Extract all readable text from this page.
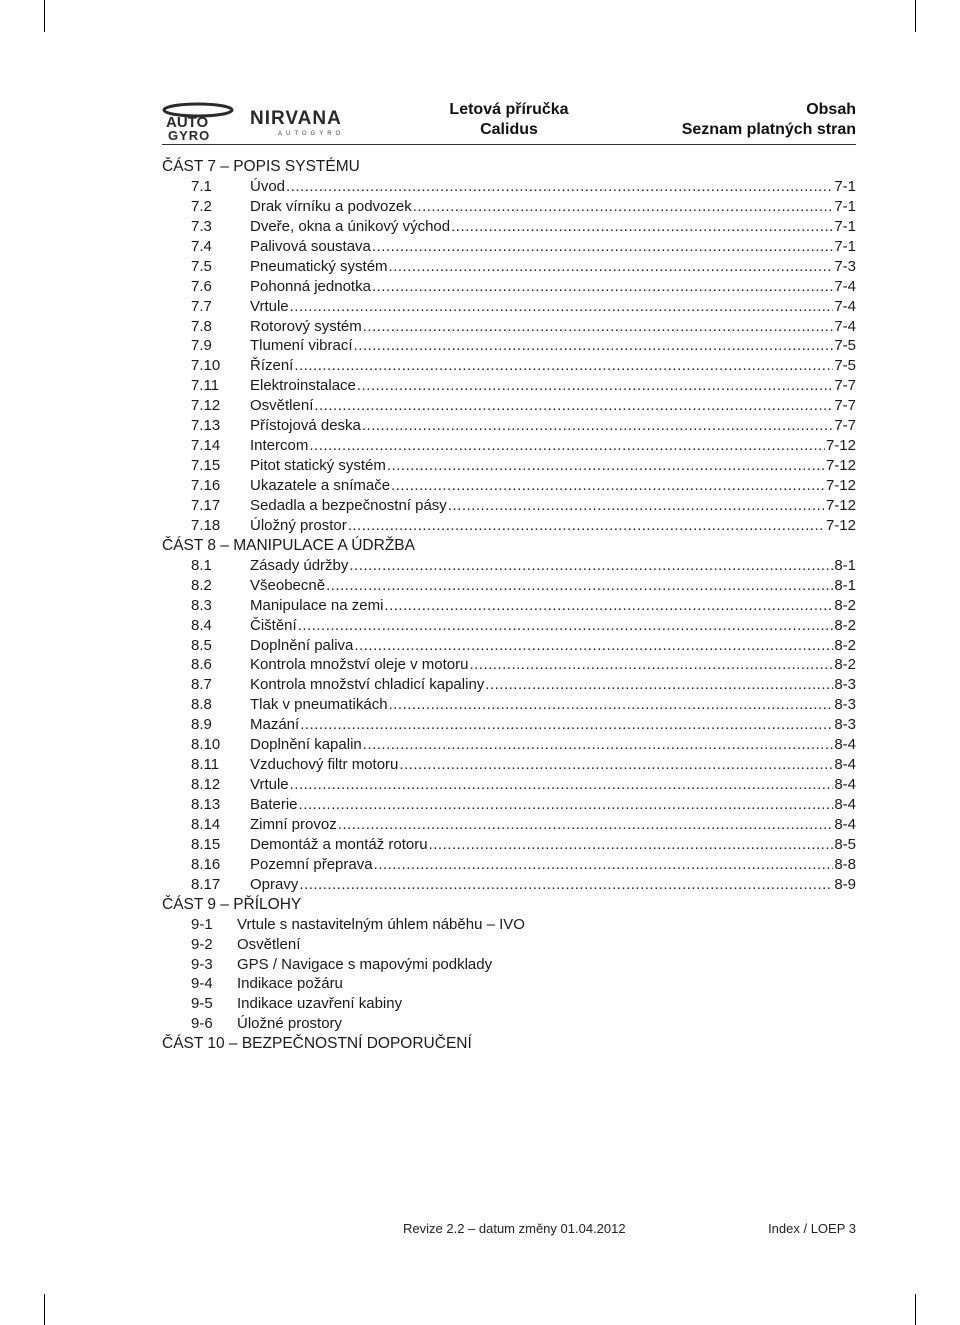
AUTO
GYRO
NIRVANA
AUTOGYRO
Letová příručka
Calidus
Obsah
Seznam platných stran
ČÁST 7 – POPIS SYSTÉMU
7.1	Úvod .....	7-1
7.2	Drak vírníku a podvozek .....	7-1
7.3	Dveře, okna a únikový východ .....	7-1
7.4	Palivová soustava .....	7-1
7.5	Pneumatický systém .....	7-3
7.6	Pohonná jednotka .....	7-4
7.7	Vrtule .....	7-4
7.8	Rotorový systém .....	7-4
7.9	Tlumení vibrací .....	7-5
7.10	Řízení .....	7-5
7.11	Elektroinstalace .....	7-7
7.12	Osvětlení .....	7-7
7.13	Přístojová deska .....	7-7
7.14	Intercom .....	7-12
7.15	Pitot statický systém .....	7-12
7.16	Ukazatele a snímače .....	7-12
7.17	Sedadla a bezpečnostní pásy .....	7-12
7.18	Úložný prostor .....	7-12
ČÁST 8 – MANIPULACE A ÚDRŽBA
8.1	Zásady údržby .....	8-1
8.2	Všeobecně .....	8-1
8.3	Manipulace na zemi .....	8-2
8.4	Čištění .....	8-2
8.5	Doplnění paliva .....	8-2
8.6	Kontrola množství oleje v motoru .....	8-2
8.7	Kontrola množství chladicí kapaliny .....	8-3
8.8	Tlak v pneumatikách .....	8-3
8.9	Mazání .....	8-3
8.10	Doplnění kapalin .....	8-4
8.11	Vzduchový filtr motoru .....	8-4
8.12	Vrtule .....	8-4
8.13	Baterie .....	8-4
8.14	Zimní provoz .....	8-4
8.15	Demontáž a montáž rotoru .....	8-5
8.16	Pozemní přeprava .....	8-8
8.17	Opravy .....	8-9
ČÁST 9 – PŘÍLOHY
9-1	Vrtule s nastavitelným úhlem náběhu – IVO
9-2	Osvětlení
9-3	GPS / Navigace s mapovými podklady
9-4	Indikace požáru
9-5	Indikace uzavření kabiny
9-6	Úložné prostory
ČÁST 10 – BEZPEČNOSTNÍ DOPORUČENÍ
Revize 2.2 – datum změny 01.04.2012	Index / LOEP 3
